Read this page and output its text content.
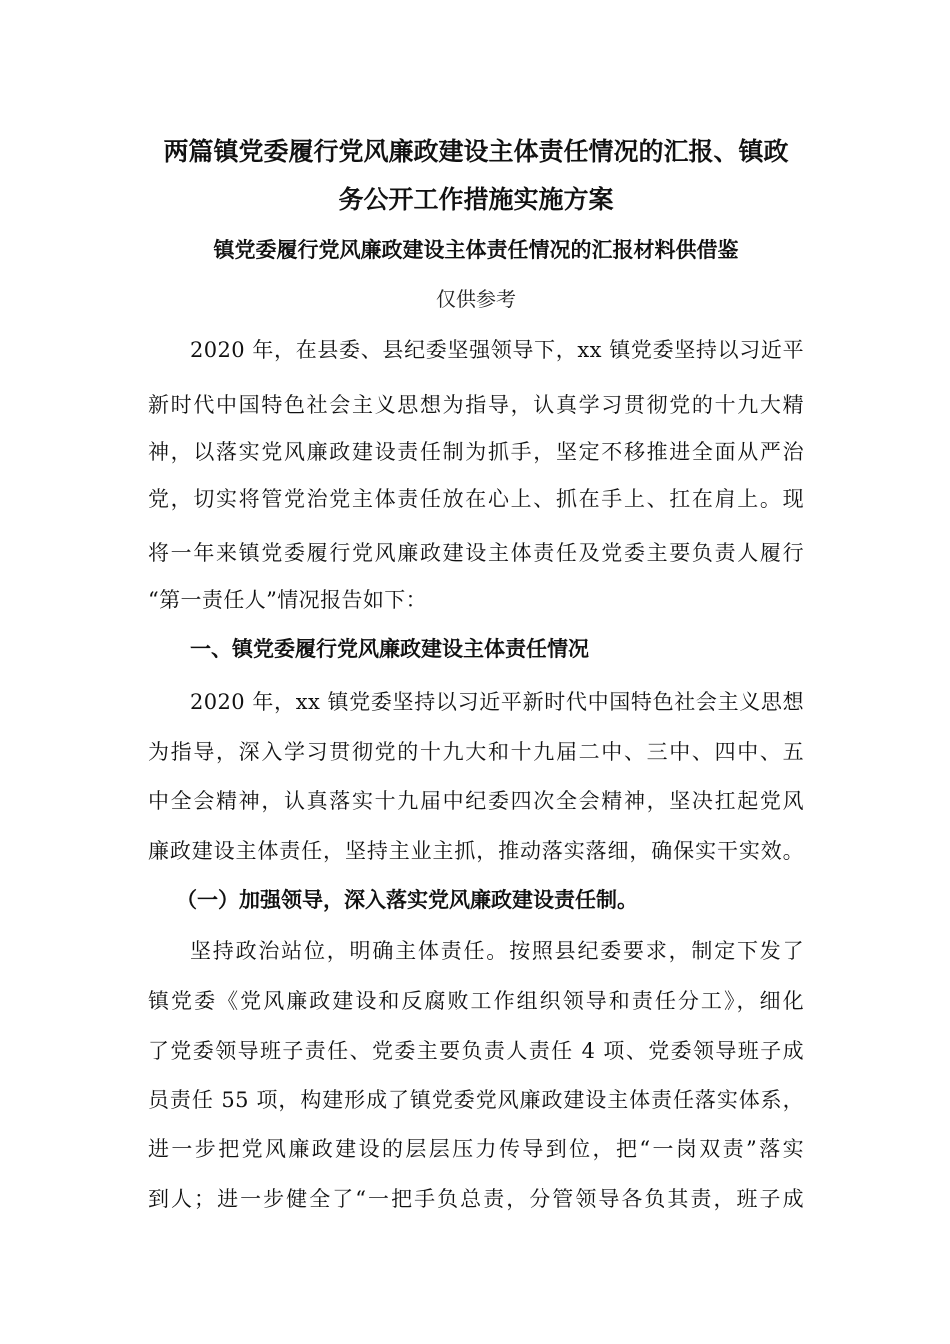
两篇镇党委履行党风廉政建设主体责任情况的汇报、镇政
务公开工作措施实施方案
镇党委履行党风廉政建设主体责任情况的汇报材料供借鉴
仅供参考
2020 年，在县委、县纪委坚强领导下，xx 镇党委坚持以习近平
新时代中国特色社会主义思想为指导，认真学习贯彻党的十九大精
神，以落实党风廉政建设责任制为抓手，坚定不移推进全面从严治
党，切实将管党治党主体责任放在心上、抓在手上、扛在肩上。现
将一年来镇党委履行党风廉政建设主体责任及党委主要负责人履行
“第一责任人”情况报告如下：
一、镇党委履行党风廉政建设主体责任情况
2020 年，xx 镇党委坚持以习近平新时代中国特色社会主义思想
为指导，深入学习贯彻党的十九大和十九届二中、三中、四中、五
中全会精神，认真落实十九届中纪委四次全会精神，坚决扛起党风
廉政建设主体责任，坚持主业主抓，推动落实落细，确保实干实效。
（一）加强领导，深入落实党风廉政建设责任制。
坚持政治站位，明确主体责任。按照县纪委要求，制定下发了
镇党委《党风廉政建设和反腐败工作组织领导和责任分工》，细化
了党委领导班子责任、党委主要负责人责任 4 项、党委领导班子成
员责任 55 项，构建形成了镇党委党风廉政建设主体责任落实体系，
进一步把党风廉政建设的层层压力传导到位，把“一岗双责”落实
到人；进一步健全了“一把手负总责，分管领导各负其责，班子成
